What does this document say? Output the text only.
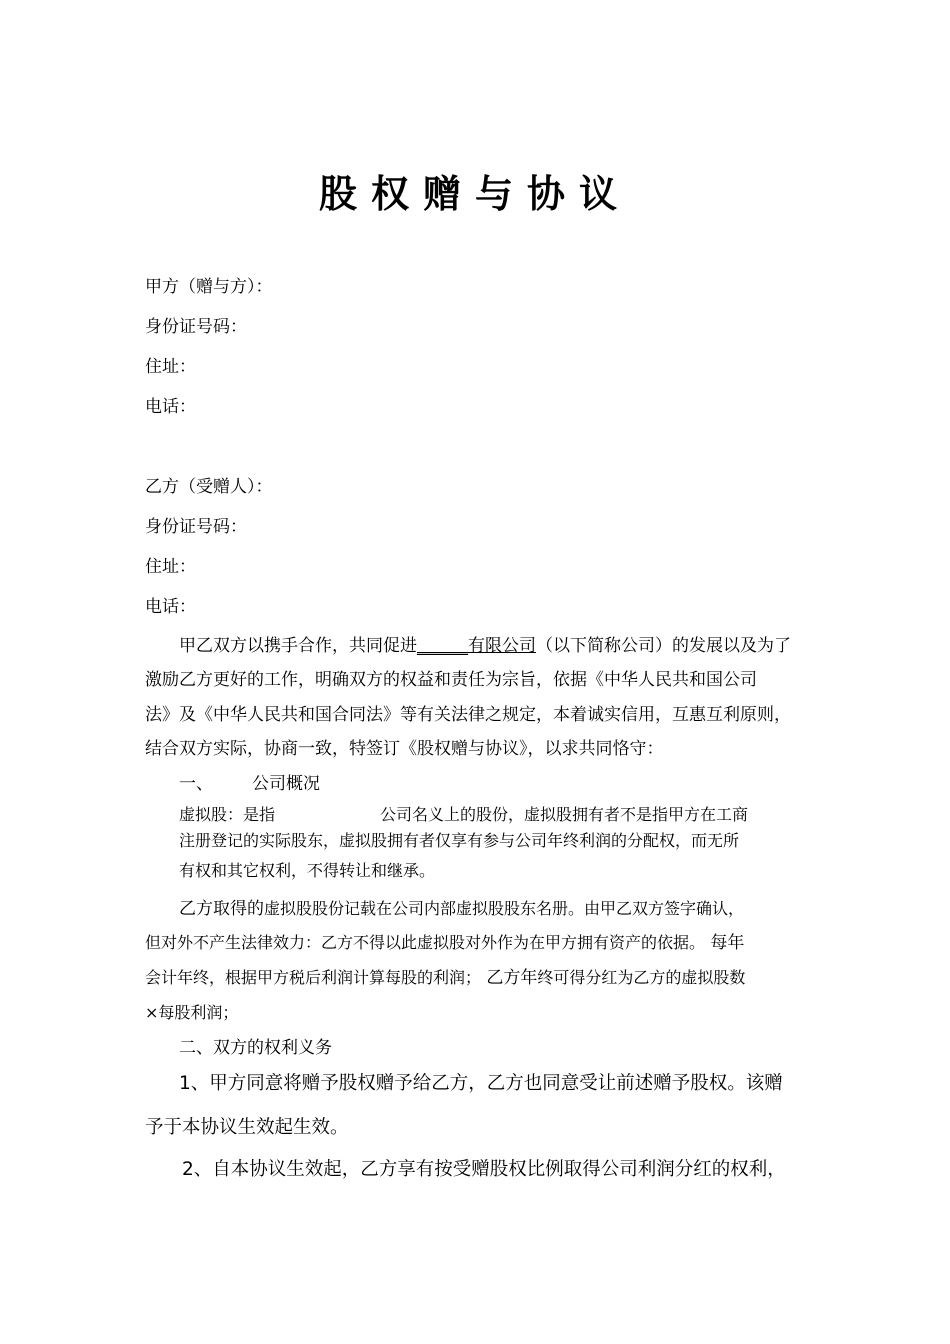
股权赠与协议
甲方（赠与方）：
身份证号码：
住址：
电话：
乙方（受赠人）：
身份证号码：
住址：
电话：
甲乙双方以携手合作，共同促进______有限公司（以下简称公司）的发展以及为了
激励乙方更好的工作，明确双方的权益和责任为宗旨，依据《中华人民共和国公司
法》及《中华人民共和国合同法》等有关法律之规定，本着诚实信用，互惠互利原则，
结合双方实际，协商一致，特签订《股权赠与协议》，以求共同恪守：
一、 公司概况
虚拟股：是指	公司名义上的股份，虚拟股拥有者不是指甲方在工商
注册登记的实际股东，虚拟股拥有者仅享有参与公司年终利润的分配权，而无所
有权和其它权利，不得转让和继承。
乙方取得的虚拟股股份记载在公司内部虚拟股股东名册。由甲乙双方签字确认，
但对外不产生法律效力：乙方不得以此虚拟股对外作为在甲方拥有资产的依据。 每年
会计年终，根据甲方税后利润计算每股的利润； 乙方年终可得分红为乙方的虚拟股数
×每股利润；
二、双方的权利义务
1、甲方同意将赠予股权赠予给乙方，乙方也同意受让前述赠予股权。该赠
予于本协议生效起生效。
2、自本协议生效起，乙方享有按受赠股权比例取得公司利润分红的权利，
